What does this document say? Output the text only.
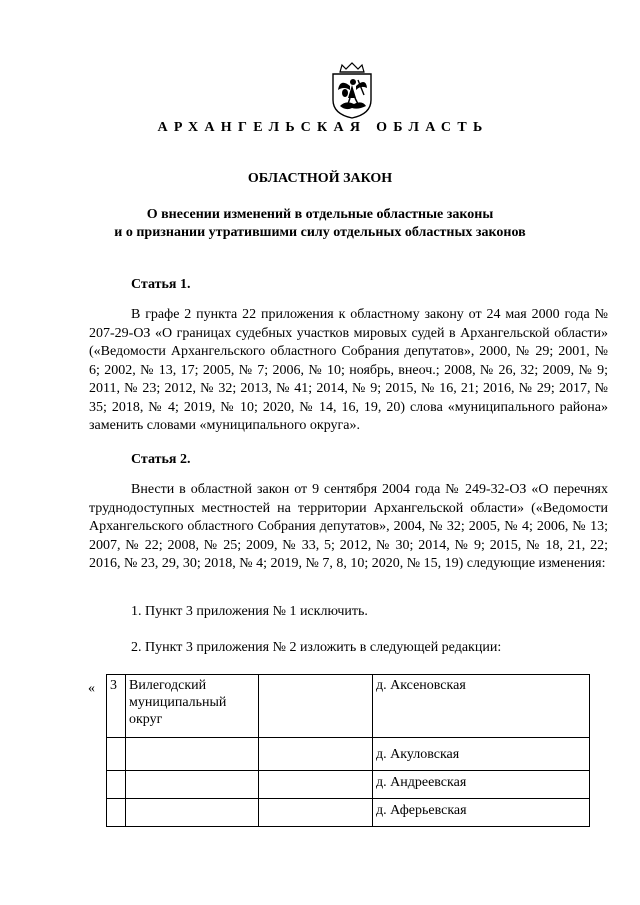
АРХАНГЕЛЬСКАЯ ОБЛАСТЬ
ОБЛАСТНОЙ ЗАКОН
О внесении изменений в отдельные областные законы
и о признании утратившими силу отдельных областных законов
Статья 1.

В графе 2 пункта 22 приложения к областному закону от 24 мая 2000 года № 207-29-ОЗ «О границах судебных участков мировых судей в Архангельской области» («Ведомости Архангельского областного Собрания депутатов», 2000, № 29; 2001, № 6; 2002, № 13, 17; 2005, № 7; 2006, № 10; ноябрь, внеоч.; 2008, № 26, 32; 2009, № 9; 2011, № 23; 2012, № 32; 2013, № 41; 2014, № 9; 2015, № 16, 21; 2016, № 29; 2017, № 35; 2018, № 4; 2019, № 10; 2020, № 14, 16, 19, 20) слова «муниципального района» заменить словами «муниципального округа».

Статья 2.

Внести в областной закон от 9 сентября 2004 года № 249-32-ОЗ «О перечнях труднодоступных местностей на территории Архангельской области» («Ведомости Архангельского областного Собрания депутатов», 2004, № 32; 2005, № 4; 2006, № 13; 2007, № 22; 2008, № 25; 2009, № 33, 5; 2012, № 30; 2014, № 9; 2015, № 18, 21, 22; 2016, № 23, 29, 30; 2018, № 4; 2019, № 7, 8, 10; 2020, № 15, 19) следующие изменения:

1. Пункт 3 приложения № 1 исключить.
2. Пункт 3 приложения № 2 изложить в следующей редакции:
« 3	Вилегодский муниципальный округ		д. Аксеновская
			д. Акуловская
			д. Андреевская
			д. Аферьевская
